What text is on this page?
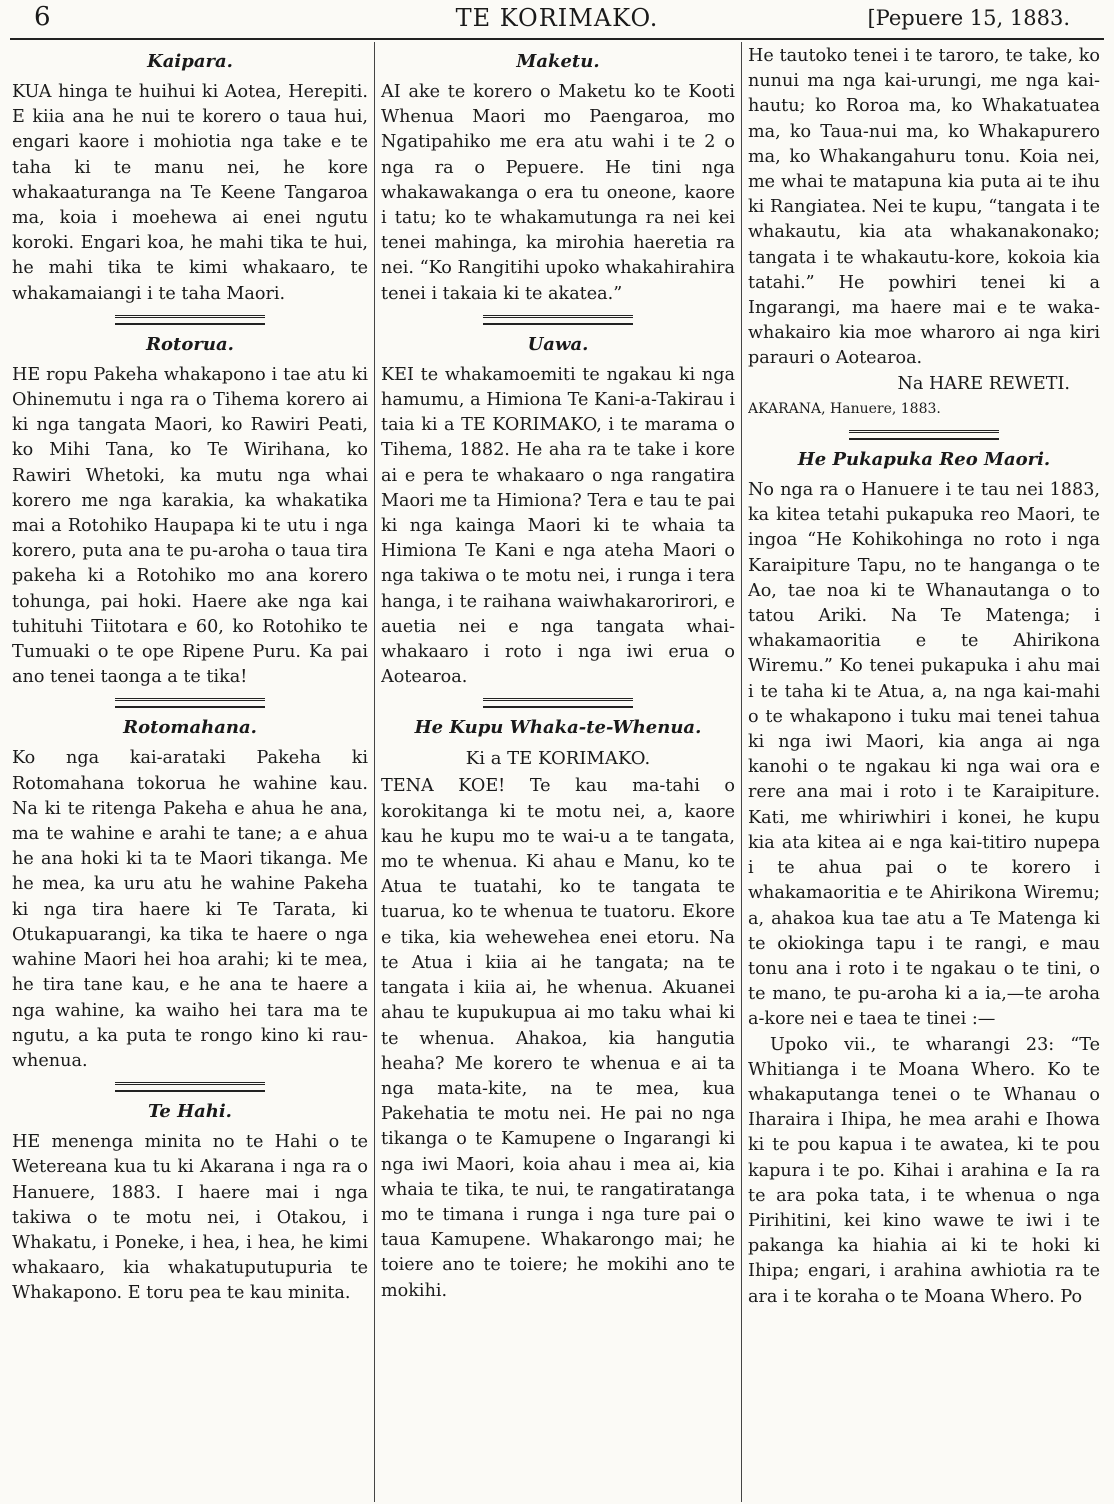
6	TE KORIMAKO.	[Pepuere 15, 1883.
Kaipara.

KUA hinga te huihui ki Aotea, Herepiti. E kiia ana he nui te korero o taua hui, engari kaore i mohiotia nga take e te taha ki te manu nei, he kore whakaaturanga na Te Keene Tangaroa ma, koia i moehewa ai enei ngutu koroki. Engari koa, he mahi tika te hui, he mahi tika te kimi whakaaro, te whakamaiangi i te taha Maori.

Rotorua.

HE ropu Pakeha whakapono i tae atu ki Ohinemutu i nga ra o Tihema korero ai ki nga tangata Maori, ko Rawiri Peati, ko Mihi Tana, ko Te Wirihana, ko Rawiri Whetoki, ka mutu nga whai korero me nga karakia, ka whakatika mai a Rotohiko Haupapa ki te utu i nga korero, puta ana te pu-aroha o taua tira pakeha ki a Rotohiko mo ana korero tohunga, pai hoki. Haere ake nga kai tuhituhi Tiitotara e 60, ko Rotohiko te Tumuaki o te ope Ripene Puru. Ka pai ano tenei taonga a te tika!

Rotomahana.

Ko nga kai-arataki Pakeha ki Rotomahana tokorua he wahine kau. Na ki te ritenga Pakeha e ahua he ana, ma te wahine e arahi te tane; a e ahua he ana hoki ki ta te Maori tikanga. Me he mea, ka uru atu he wahine Pakeha ki nga tira haere ki Te Tarata, ki Otukapuarangi, ka tika te haere o nga wahine Maori hei hoa arahi; ki te mea, he tira tane kau, e he ana te haere a nga wahine, ka waiho hei tara ma te ngutu, a ka puta te rongo kino ki rau-whenua.

Te Hahi.

HE menenga minita no te Hahi o te Wetereana kua tu ki Akarana i nga ra o Hanuere, 1883. I haere mai i nga takiwa o te motu nei, i Otakou, i Whakatu, i Poneke, i hea, i hea, he kimi whakaaro, kia whakatuputupuria te Whakapono. E toru pea te kau minita.

Maketu.

AI ake te korero o Maketu ko te Kooti Whenua Maori mo Paengaroa, mo Ngatipahiko me era atu wahi i te 2 o nga ra o Pepuere. He tini nga whakawakanga o era tu oneone, kaore i tatu; ko te whakamutunga ra nei kei tenei mahinga, ka mirohia haeretia ra nei. “Ko Rangitihi upoko whakahirahira tenei i takaia ki te akatea.”

Uawa.

KEI te whakamoemiti te ngakau ki nga hamumu, a Himiona Te Kani-a-Takirau i taia ki a TE KORIMAKO, i te marama o Tihema, 1882. He aha ra te take i kore ai e pera te whakaaro o nga rangatira Maori me ta Himiona? Tera e tau te pai ki nga kainga Maori ki te whaia ta Himiona Te Kani e nga ateha Maori o nga takiwa o te motu nei, i runga i tera hanga, i te raihana waiwhakarorirori, e auetia nei e nga tangata whai-whakaaro i roto i nga iwi erua o Aotearoa.

He Kupu Whaka-te-Whenua.
Ki a TE KORIMAKO.

TENA KOE! Te kau ma-tahi o korokitanga ki te motu nei, a, kaore kau he kupu mo te wai-u a te tangata, mo te whenua. Ki ahau e Manu, ko te Atua te tuatahi, ko te tangata te tuarua, ko te whenua te tuatoru. Ekore e tika, kia wehewehea enei etoru. Na te Atua i kiia ai he tangata; na te tangata i kiia ai, he whenua. Akuanei ahau te kupukupua ai mo taku whai ki te whenua. Ahakoa, kia hangutia heaha? Me korero te whenua e ai ta nga mata-kite, na te mea, kua Pakehatia te motu nei. He pai no nga tikanga o te Kamupene o Ingarangi ki nga iwi Maori, koia ahau i mea ai, kia whaia te tika, te nui, te rangatiratanga mo te timana i runga i nga ture pai o taua Kamupene. Whakarongo mai; he toiere ano te toiere; he mokihi ano te mokihi.

He tautoko tenei i te taroro, te take, ko nunui ma nga kai-urungi, me nga kai-hautu; ko Roroa ma, ko Whakatuatea ma, ko Taua-nui ma, ko Whakapurero ma, ko Whakangahuru tonu. Koia nei, me whai te matapuna kia puta ai te ihu ki Rangiatea. Nei te kupu, “tangata i te whakautu, kia ata whakanakonako; tangata i te whakautu-kore, kokoia kia tatahi.” He powhiri tenei ki a Ingarangi, ma haere mai e te waka-whakairo kia moe wharoro ai nga kiri parauri o Aotearoa.

Na HARE REWETI.

AKARANA, Hanuere, 1883.

He Pukapuka Reo Maori.

No nga ra o Hanuere i te tau nei 1883, ka kitea tetahi pukapuka reo Maori, te ingoa “He Kohikohinga no roto i nga Karaipiture Tapu, no te hanganga o te Ao, tae noa ki te Whanautanga o to tatou Ariki. Na Te Matenga; i whakamaoritia e te Ahirikona Wiremu.” Ko tenei pukapuka i ahu mai i te taha ki te Atua, a, na nga kai-mahi o te whakapono i tuku mai tenei tahua ki nga iwi Maori, kia anga ai nga kanohi o te ngakau ki nga wai ora e rere ana mai i roto i te Karaipiture. Kati, me whiriwhiri i konei, he kupu kia ata kitea ai e nga kai-titiro nupepa i te ahua pai o te korero i whakamaoritia e te Ahirikona Wiremu; a, ahakoa kua tae atu a Te Matenga ki te okiokinga tapu i te rangi, e mau tonu ana i roto i te ngakau o te tini, o te mano, te pu-aroha ki a ia,—te aroha a-kore nei e taea te tinei :—

Upoko vii., te wharangi 23: “Te Whitianga i te Moana Whero. Ko te whakaputanga tenei o te Whanau o Iharaira i Ihipa, he mea arahi e Ihowa ki te pou kapua i te awatea, ki te pou kapura i te po. Kihai i arahina e Ia ra te ara poka tata, i te whenua o nga Pirihitini, kei kino wawe te iwi i te pakanga ka hiahia ai ki te hoki ki Ihipa; engari, i arahina awhiotia ra te ara i te koraha o te Moana Whero. Po
